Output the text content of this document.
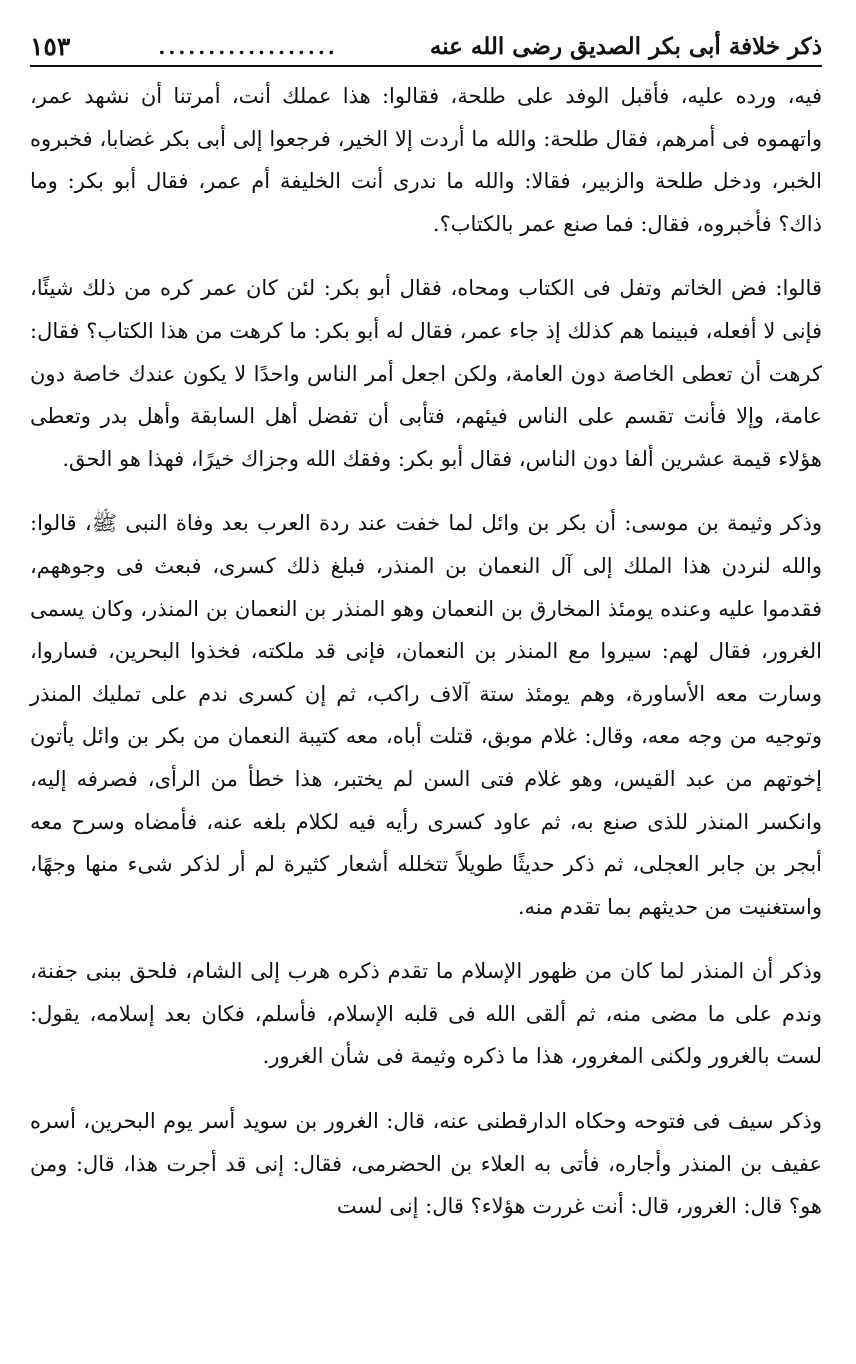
ذكر خلافة أبى بكر الصديق رضى الله عنه
..................
١٥٣

فيه، ورده عليه، فأقبل الوفد على طلحة، فقالوا: هذا عملك أنت، أمرتنا أن نشهد عمر، واتهموه فى أمرهم، فقال طلحة: والله ما أردت إلا الخير، فرجعوا إلى أبى بكر غضابا، فخبروه الخبر، ودخل طلحة والزبير، فقالا: والله ما ندرى أنت الخليفة أم عمر، فقال أبو بكر: وما ذاك؟ فأخبروه، فقال: فما صنع عمر بالكتاب؟.

قالوا: فض الخاتم وتفل فى الكتاب ومحاه، فقال أبو بكر: لئن كان عمر كره من ذلك شيئًا، فإنى لا أفعله، فبينما هم كذلك إذ جاء عمر، فقال له أبو بكر: ما كرهت من هذا الكتاب؟ فقال: كرهت أن تعطى الخاصة دون العامة، ولكن اجعل أمر الناس واحدًا لا يكون عندك خاصة دون عامة، وإلا فأنت تقسم على الناس فيئهم، فتأبى أن تفضل أهل السابقة وأهل بدر وتعطى هؤلاء قيمة عشرين ألفا دون الناس، فقال أبو بكر: وفقك الله وجزاك خيرًا، فهذا هو الحق.

وذكر وثيمة بن موسى: أن بكر بن وائل لما خفت عند ردة العرب بعد وفاة النبى ﷺ، قالوا: والله لنردن هذا الملك إلى آل النعمان بن المنذر، فبلغ ذلك كسرى، فبعث فى وجوههم، فقدموا عليه وعنده يومئذ المخارق بن النعمان وهو المنذر بن النعمان بن المنذر، وكان يسمى الغرور، فقال لهم: سيروا مع المنذر بن النعمان، فإنى قد ملكته، فخذوا البحرين، فساروا، وسارت معه الأساورة، وهم يومئذ ستة آلاف راكب، ثم إن كسرى ندم على تمليك المنذر وتوجيه من وجه معه، وقال: غلام موبق، قتلت أباه، معه كتيبة النعمان من بكر بن وائل يأتون إخوتهم من عبد القيس، وهو غلام فتى السن لم يختبر، هذا خطأ من الرأى، فصرفه إليه، وانكسر المنذر للذى صنع به، ثم عاود كسرى رأيه فيه لكلام بلغه عنه، فأمضاه وسرح معه أبجر بن جابر العجلى، ثم ذكر حديثًا طويلاً تتخلله أشعار كثيرة لم أر لذكر شىء منها وجهًا، واستغنيت من حديثهم بما تقدم منه.

وذكر أن المنذر لما كان من ظهور الإسلام ما تقدم ذكره هرب إلى الشام، فلحق ببنى جفنة، وندم على ما مضى منه، ثم ألقى الله فى قلبه الإسلام، فأسلم، فكان بعد إسلامه، يقول: لست بالغرور ولكنى المغرور، هذا ما ذكره وثيمة فى شأن الغرور.

وذكر سيف فى فتوحه وحكاه الدارقطنى عنه، قال: الغرور بن سويد أسر يوم البحرين، أسره عفيف بن المنذر وأجاره، فأتى به العلاء بن الحضرمى، فقال: إنى قد أجرت هذا، قال: ومن هو؟ قال: الغرور، قال: أنت غررت هؤلاء؟ قال: إنى لست
